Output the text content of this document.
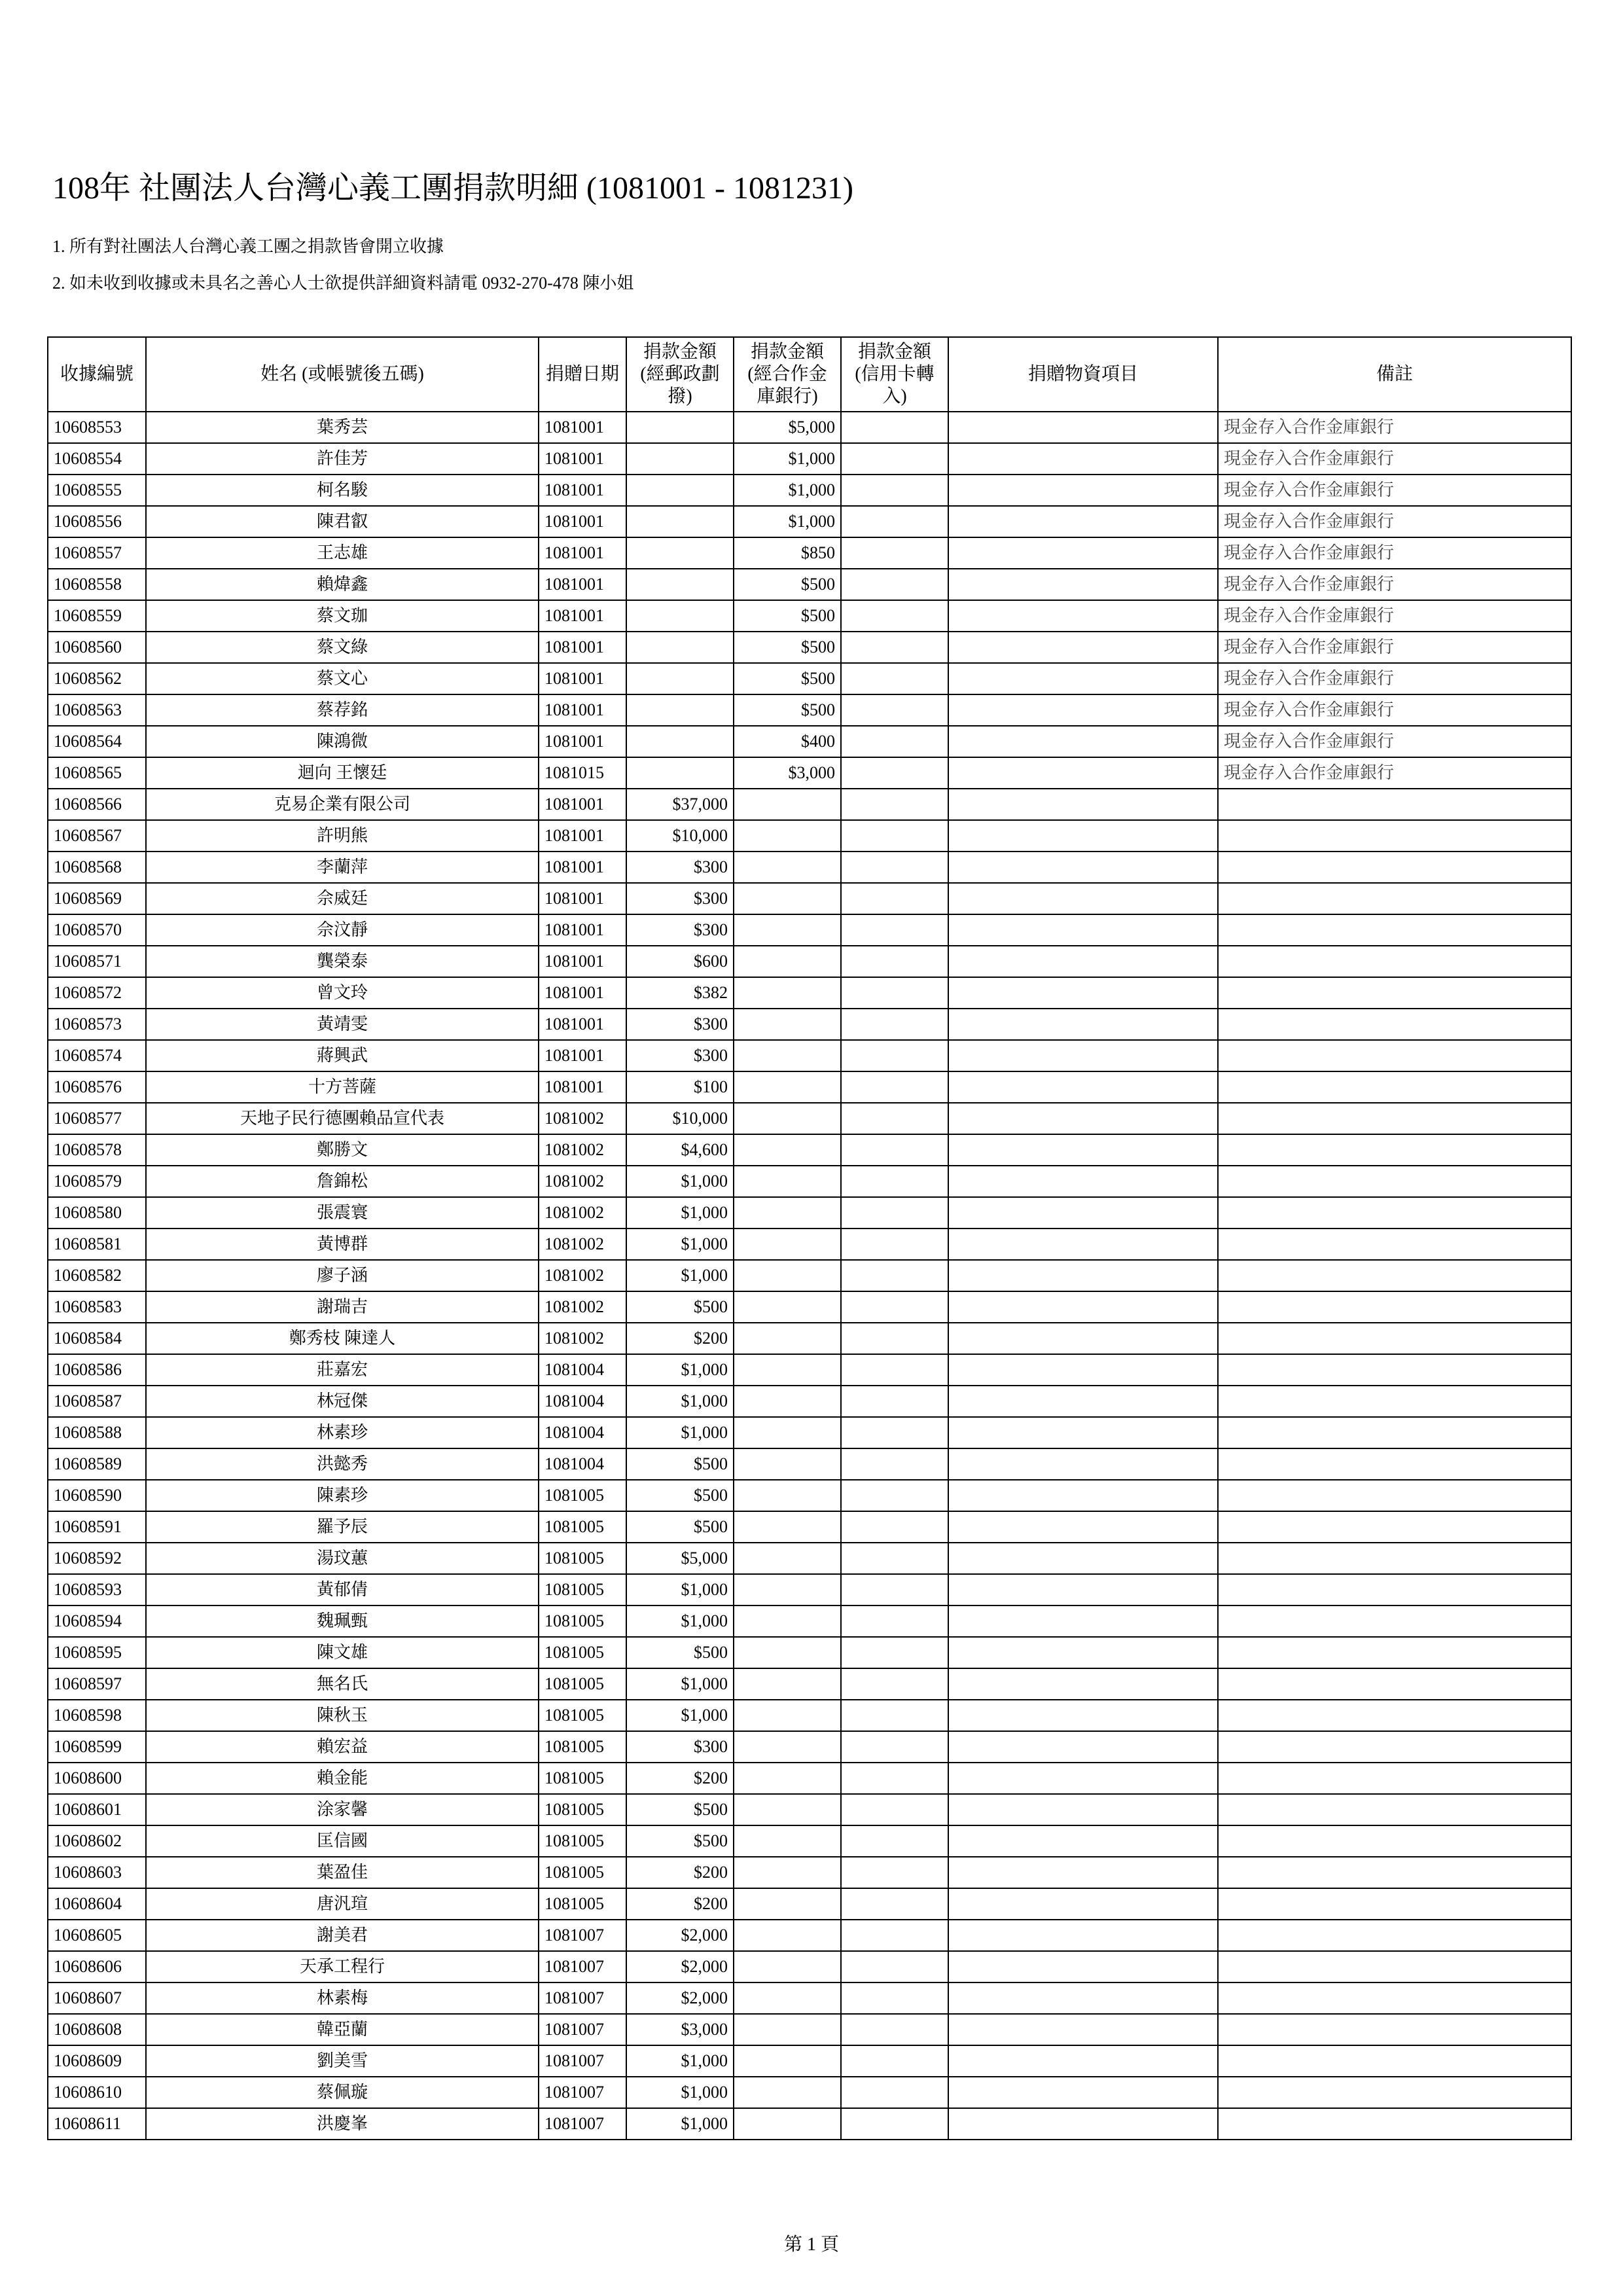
108年 社團法人台灣心義工團捐款明細 (1081001 - 1081231)
1. 所有對社團法人台灣心義工團之捐款皆會開立收據
2. 如未收到收據或未具名之善心人士欲提供詳細資料請電 0932-270-478 陳小姐
收據編號	姓名 (或帳號後五碼)	捐贈日期	捐款金額 (經郵政劃撥)	捐款金額 (經合作金庫銀行)	捐款金額 (信用卡轉入)	捐贈物資項目	備註
10608553	葉秀芸	1081001		$5,000			現金存入合作金庫銀行
10608554	許佳芳	1081001		$1,000			現金存入合作金庫銀行
10608555	柯名駿	1081001		$1,000			現金存入合作金庫銀行
10608556	陳君叡	1081001		$1,000			現金存入合作金庫銀行
10608557	王志雄	1081001		$850			現金存入合作金庫銀行
10608558	賴煒鑫	1081001		$500			現金存入合作金庫銀行
10608559	蔡文珈	1081001		$500			現金存入合作金庫銀行
10608560	蔡文綠	1081001		$500			現金存入合作金庫銀行
10608562	蔡文心	1081001		$500			現金存入合作金庫銀行
10608563	蔡荐銘	1081001		$500			現金存入合作金庫銀行
10608564	陳鴻微	1081001		$400			現金存入合作金庫銀行
10608565	迴向 王懷廷	1081015		$3,000			現金存入合作金庫銀行
10608566	克易企業有限公司	1081001	$37,000				
10608567	許明熊	1081001	$10,000				
10608568	李蘭萍	1081001	$300				
10608569	佘威廷	1081001	$300				
10608570	佘汶靜	1081001	$300				
10608571	龔榮泰	1081001	$600				
10608572	曾文玲	1081001	$382				
10608573	黃靖雯	1081001	$300				
10608574	蔣興武	1081001	$300				
10608576	十方菩薩	1081001	$100				
10608577	天地子民行德團賴品宣代表	1081002	$10,000				
10608578	鄭勝文	1081002	$4,600				
10608579	詹錦松	1081002	$1,000				
10608580	張震寰	1081002	$1,000				
10608581	黃博群	1081002	$1,000				
10608582	廖子涵	1081002	$1,000				
10608583	謝瑞吉	1081002	$500				
10608584	鄭秀枝 陳達人	1081002	$200				
10608586	莊嘉宏	1081004	$1,000				
10608587	林冠傑	1081004	$1,000				
10608588	林素珍	1081004	$1,000				
10608589	洪懿秀	1081004	$500				
10608590	陳素珍	1081005	$500				
10608591	羅予辰	1081005	$500				
10608592	湯玟蕙	1081005	$5,000				
10608593	黃郁倩	1081005	$1,000				
10608594	魏珮甄	1081005	$1,000				
10608595	陳文雄	1081005	$500				
10608597	無名氏	1081005	$1,000				
10608598	陳秋玉	1081005	$1,000				
10608599	賴宏益	1081005	$300				
10608600	賴金能	1081005	$200				
10608601	涂家馨	1081005	$500				
10608602	匡信國	1081005	$500				
10608603	葉盈佳	1081005	$200				
10608604	唐汎瑄	1081005	$200				
10608605	謝美君	1081007	$2,000				
10608606	天承工程行	1081007	$2,000				
10608607	林素梅	1081007	$2,000				
10608608	韓亞蘭	1081007	$3,000				
10608609	劉美雪	1081007	$1,000				
10608610	蔡佩璇	1081007	$1,000				
10608611	洪慶峯	1081007	$1,000				
第 1 頁
